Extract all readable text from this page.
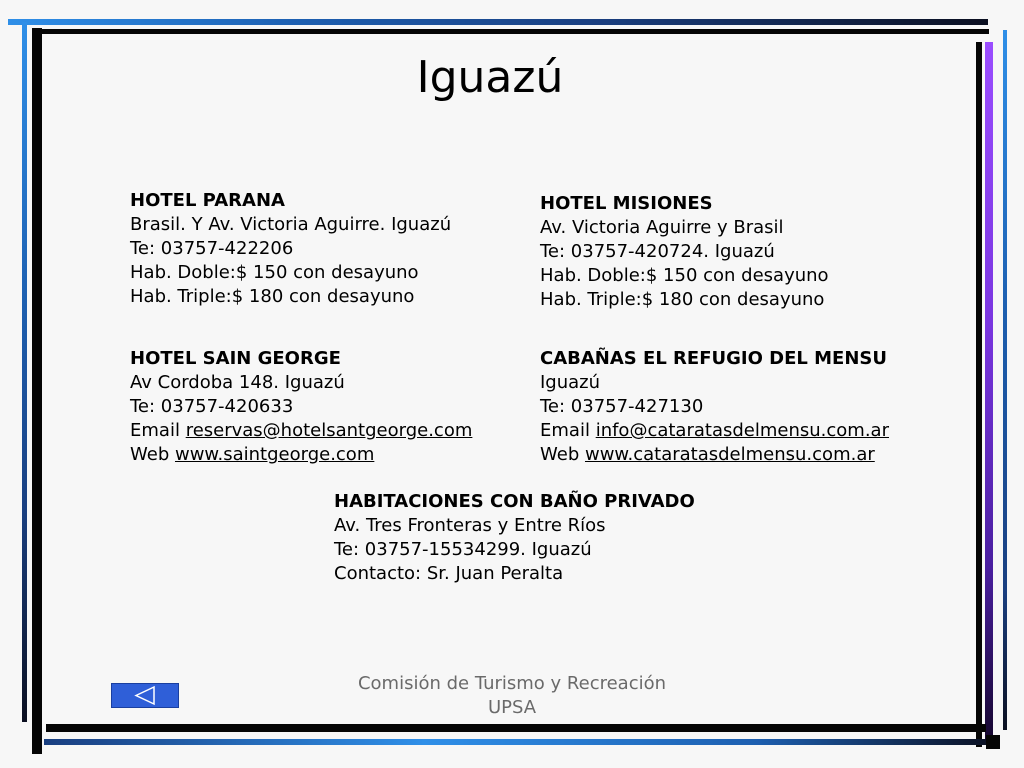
Iguazú
HOTEL PARANA
Brasil. Y Av. Victoria Aguirre. Iguazú
Te: 03757-422206
Hab. Doble:$ 150 con desayuno
Hab. Triple:$ 180 con desayuno
HOTEL MISIONES
Av. Victoria Aguirre y Brasil
Te: 03757-420724. Iguazú
Hab. Doble:$ 150 con desayuno
Hab. Triple:$ 180 con desayuno
HOTEL SAIN GEORGE
Av Cordoba 148. Iguazú
Te: 03757-420633
Email reservas@hotelsantgeorge.com
Web www.saintgeorge.com
CABAÑAS EL REFUGIO DEL MENSU
Iguazú
Te: 03757-427130
Email info@cataratasdelmensu.com.ar
Web www.cataratasdelmensu.com.ar
HABITACIONES CON BAÑO PRIVADO
Av. Tres Fronteras y Entre Ríos
Te: 03757-15534299. Iguazú
Contacto: Sr. Juan Peralta
Comisión de Turismo y Recreación
UPSA
